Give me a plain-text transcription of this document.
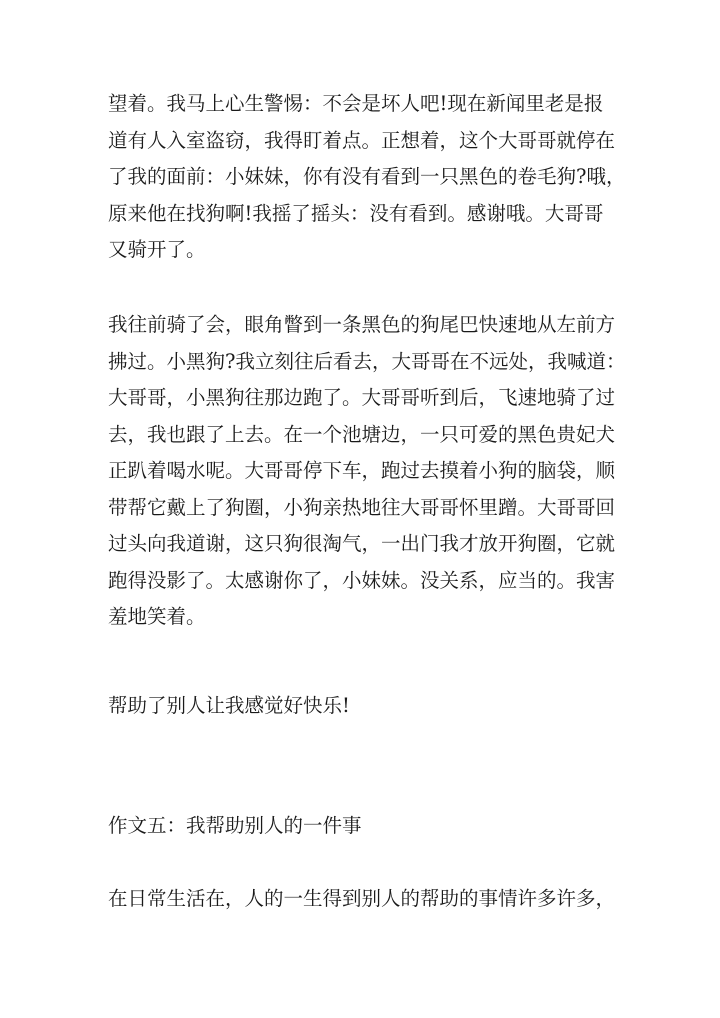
望着。我马上心生警惕：不会是坏人吧!现在新闻里老是报
道有人入室盗窃，我得盯着点。正想着，这个大哥哥就停在
了我的面前：小妹妹，你有没有看到一只黑色的卷毛狗?哦，
原来他在找狗啊!我摇了摇头：没有看到。感谢哦。大哥哥
又骑开了。

我往前骑了会，眼角瞥到一条黑色的狗尾巴快速地从左前方
拂过。小黑狗?我立刻往后看去，大哥哥在不远处，我喊道：
大哥哥，小黑狗往那边跑了。大哥哥听到后，飞速地骑了过
去，我也跟了上去。在一个池塘边，一只可爱的黑色贵妃犬
正趴着喝水呢。大哥哥停下车，跑过去摸着小狗的脑袋，顺
带帮它戴上了狗圈，小狗亲热地往大哥哥怀里蹭。大哥哥回
过头向我道谢，这只狗很淘气，一出门我才放开狗圈，它就
跑得没影了。太感谢你了，小妹妹。没关系，应当的。我害
羞地笑着。

帮助了别人让我感觉好快乐!

作文五：我帮助别人的一件事

在日常生活在，人的一生得到别人的帮助的事情许多许多，
